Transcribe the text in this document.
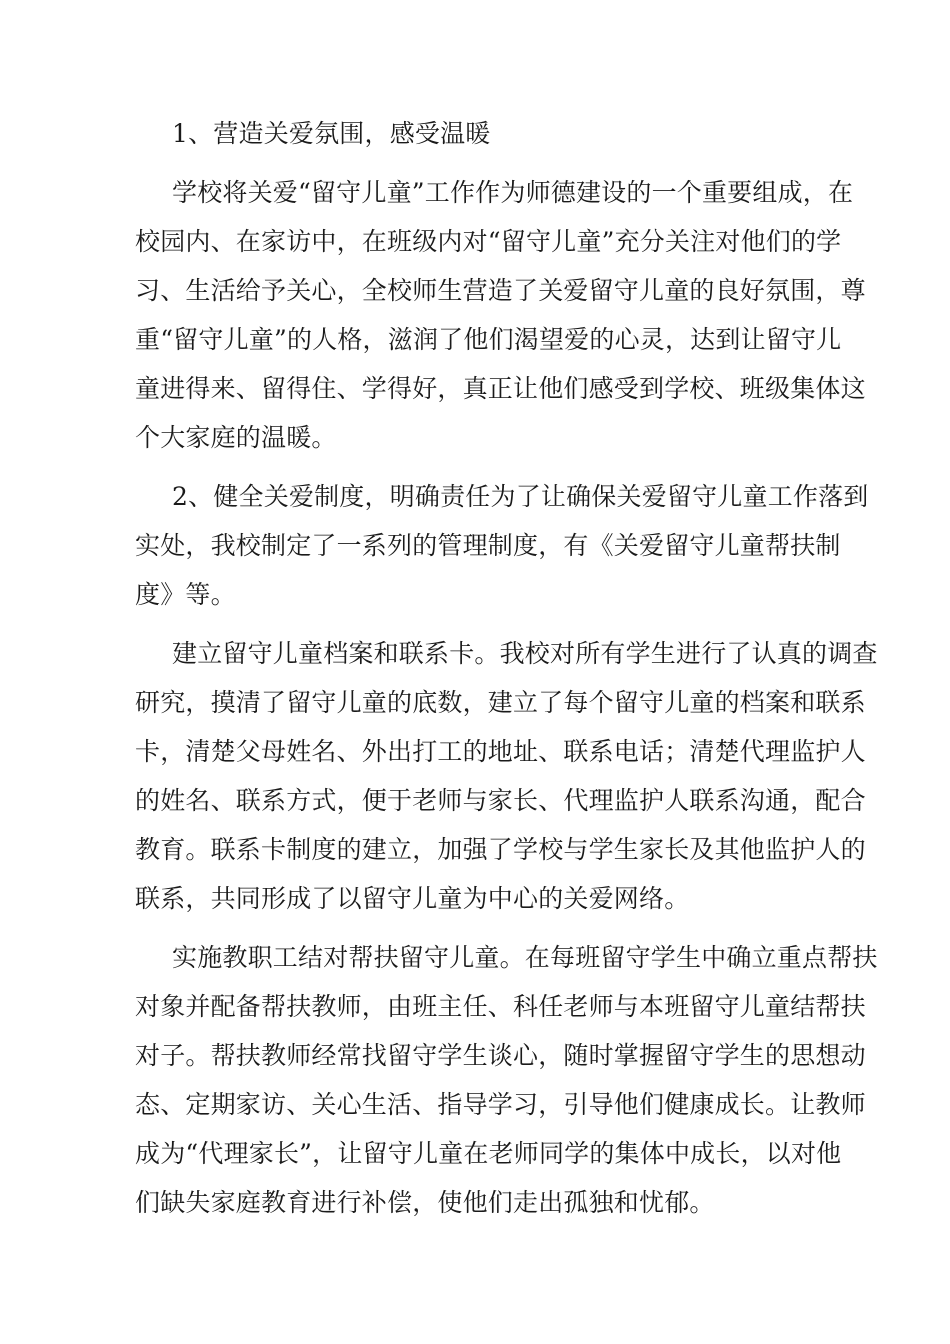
1、营造关爱氛围，感受温暖
学校将关爱“留守儿童”工作作为师德建设的一个重要组成，在
校园内、在家访中，在班级内对“留守儿童”充分关注对他们的学
习、生活给予关心，全校师生营造了关爱留守儿童的良好氛围，尊
重“留守儿童”的人格，滋润了他们渴望爱的心灵，达到让留守儿
童进得来、留得住、学得好，真正让他们感受到学校、班级集体这
个大家庭的温暖。
2、健全关爱制度，明确责任为了让确保关爱留守儿童工作落到
实处，我校制定了一系列的管理制度，有《关爱留守儿童帮扶制
度》等。
建立留守儿童档案和联系卡。我校对所有学生进行了认真的调查
研究，摸清了留守儿童的底数，建立了每个留守儿童的档案和联系
卡，清楚父母姓名、外出打工的地址、联系电话；清楚代理监护人
的姓名、联系方式，便于老师与家长、代理监护人联系沟通，配合
教育。联系卡制度的建立，加强了学校与学生家长及其他监护人的
联系，共同形成了以留守儿童为中心的关爱网络。
实施教职工结对帮扶留守儿童。在每班留守学生中确立重点帮扶
对象并配备帮扶教师，由班主任、科任老师与本班留守儿童结帮扶
对子。帮扶教师经常找留守学生谈心，随时掌握留守学生的思想动
态、定期家访、关心生活、指导学习，引导他们健康成长。让教师
成为“代理家长”，让留守儿童在老师同学的集体中成长，以对他
们缺失家庭教育进行补偿，使他们走出孤独和忧郁。
